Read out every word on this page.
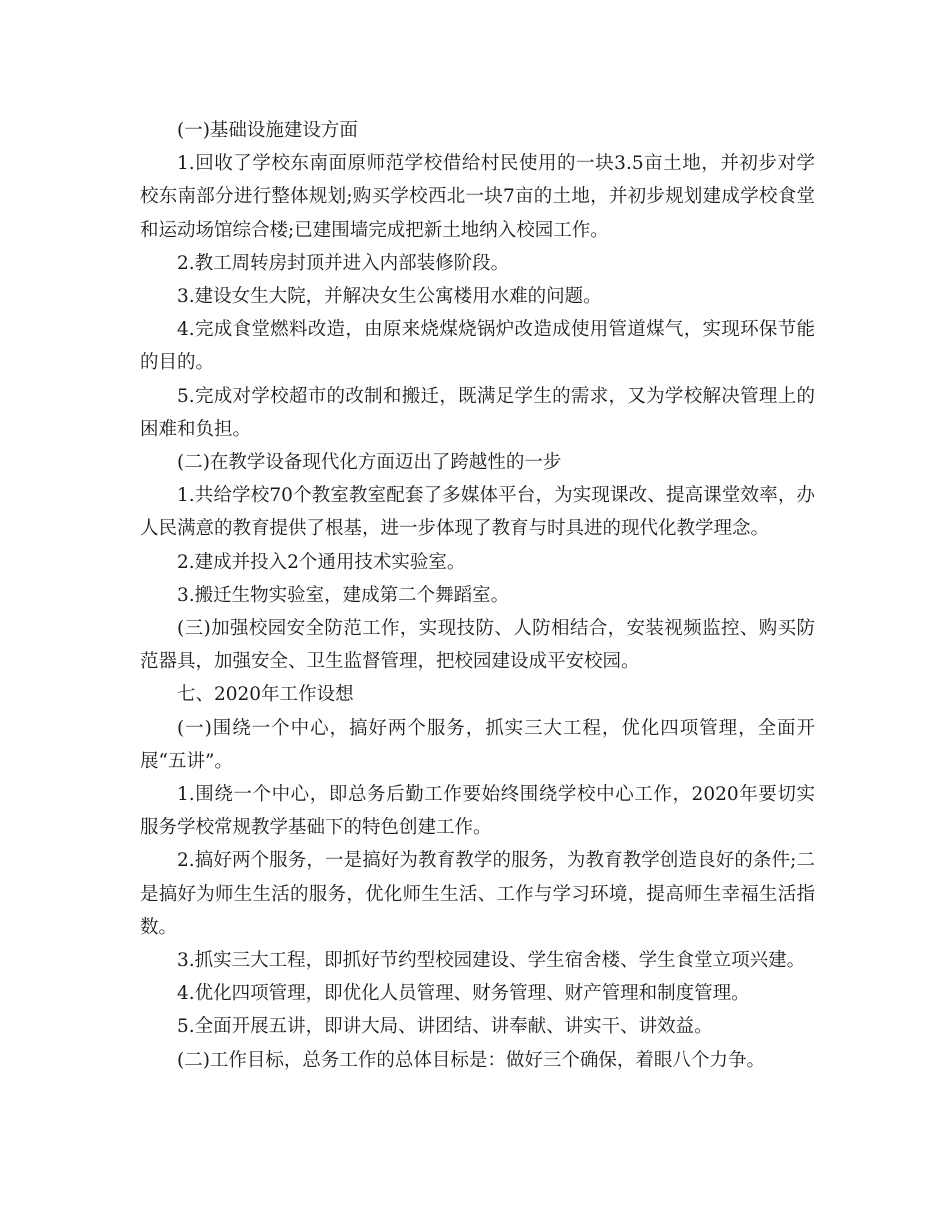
(一)基础设施建设方面

1.回收了学校东南面原师范学校借给村民使用的一块3.5亩土地，并初步对学校东南部分进行整体规划;购买学校西北一块7亩的土地，并初步规划建成学校食堂和运动场馆综合楼;已建围墙完成把新土地纳入校园工作。

2.教工周转房封顶并进入内部装修阶段。

3.建设女生大院，并解决女生公寓楼用水难的问题。

4.完成食堂燃料改造，由原来烧煤烧锅炉改造成使用管道煤气，实现环保节能的目的。

5.完成对学校超市的改制和搬迁，既满足学生的需求，又为学校解决管理上的困难和负担。

(二)在教学设备现代化方面迈出了跨越性的一步

1.共给学校70个教室教室配套了多媒体平台，为实现课改、提高课堂效率，办人民满意的教育提供了根基，进一步体现了教育与时具进的现代化教学理念。

2.建成并投入2个通用技术实验室。

3.搬迁生物实验室，建成第二个舞蹈室。

(三)加强校园安全防范工作，实现技防、人防相结合，安装视频监控、购买防范器具，加强安全、卫生监督管理，把校园建设成平安校园。

七、2020年工作设想

(一)围绕一个中心，搞好两个服务，抓实三大工程，优化四项管理，全面开展“五讲”。

1.围绕一个中心，即总务后勤工作要始终围绕学校中心工作，2020年要切实服务学校常规教学基础下的特色创建工作。

2.搞好两个服务，一是搞好为教育教学的服务，为教育教学创造良好的条件;二是搞好为师生生活的服务，优化师生生活、工作与学习环境，提高师生幸福生活指数。

3.抓实三大工程，即抓好节约型校园建设、学生宿舍楼、学生食堂立项兴建。

4.优化四项管理，即优化人员管理、财务管理、财产管理和制度管理。

5.全面开展五讲，即讲大局、讲团结、讲奉献、讲实干、讲效益。

(二)工作目标，总务工作的总体目标是：做好三个确保，着眼八个力争。
